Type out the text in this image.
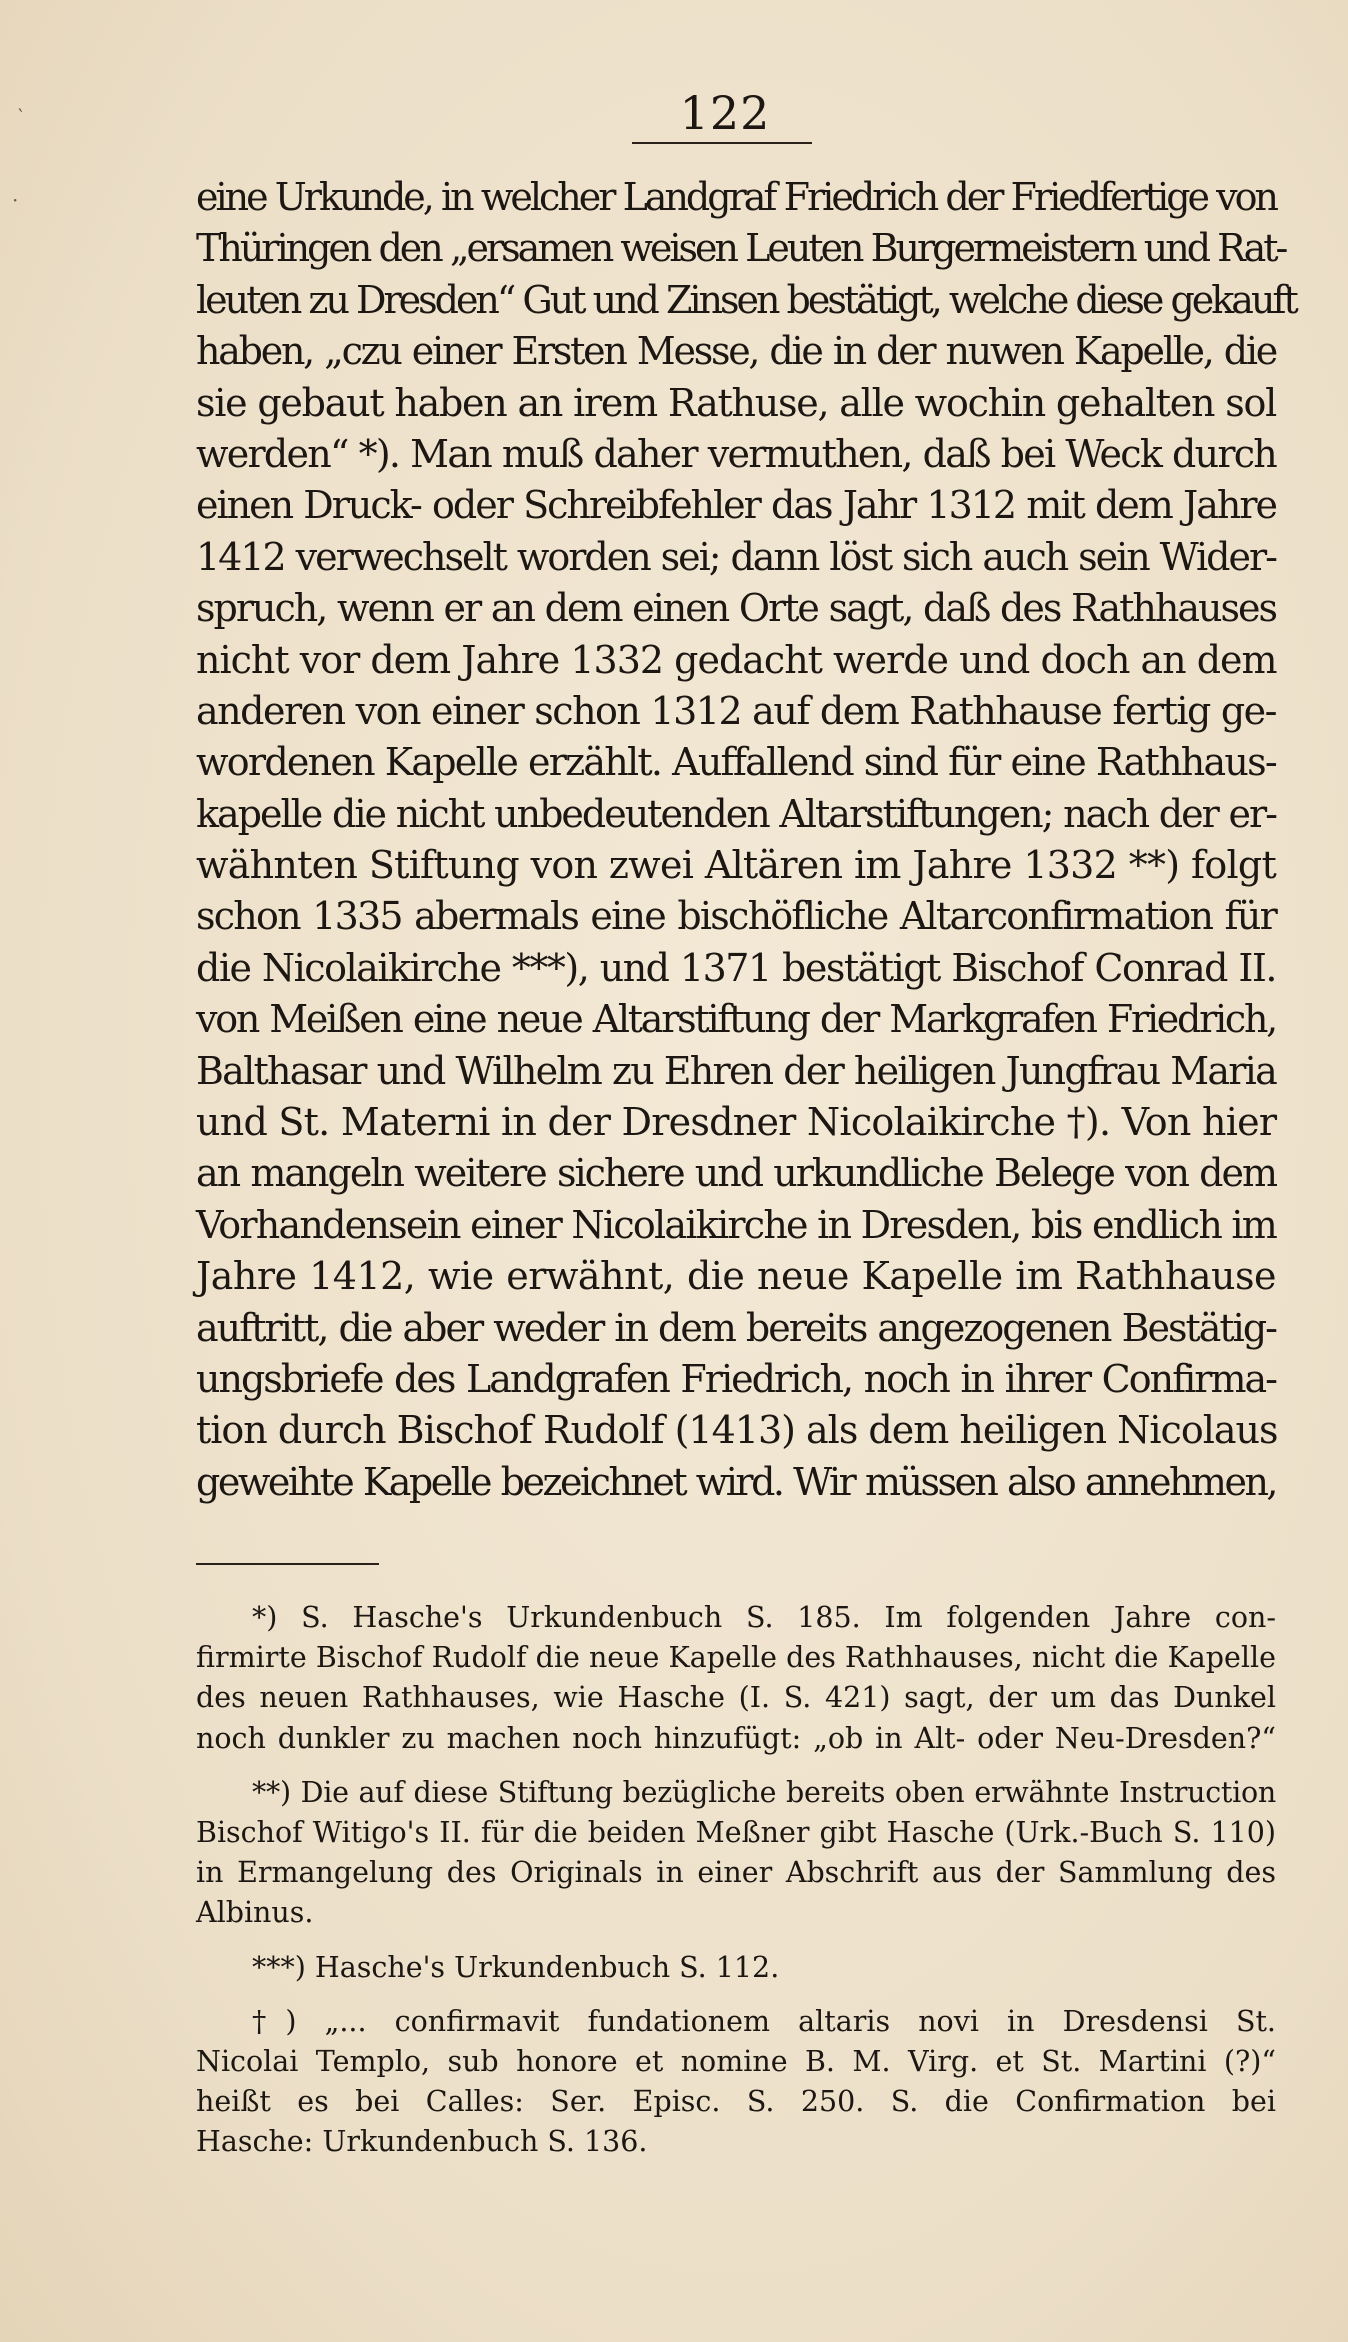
‵
·
122
eine Urkunde, in welcher Landgraf Friedrich der Friedfertige von
Thüringen den „ersamen weisen Leuten Burgermeistern und Rat-
leuten zu Dresden“ Gut und Zinsen bestätigt, welche diese gekauft
haben, „czu einer Ersten Messe, die in der nuwen Kapelle, die
sie gebaut haben an irem Rathuse, alle wochin gehalten sol
werden“ *). Man muß daher vermuthen, daß bei Weck durch
einen Druck- oder Schreibfehler das Jahr 1312 mit dem Jahre
1412 verwechselt worden sei; dann löst sich auch sein Wider-
spruch, wenn er an dem einen Orte sagt, daß des Rathhauses
nicht vor dem Jahre 1332 gedacht werde und doch an dem
anderen von einer schon 1312 auf dem Rathhause fertig ge-
wordenen Kapelle erzählt. Auffallend sind für eine Rathhaus-
kapelle die nicht unbedeutenden Altarstiftungen; nach der er-
wähnten Stiftung von zwei Altären im Jahre 1332 **) folgt
schon 1335 abermals eine bischöfliche Altarconfirmation für
die Nicolaikirche ***), und 1371 bestätigt Bischof Conrad II.
von Meißen eine neue Altarstiftung der Markgrafen Friedrich,
Balthasar und Wilhelm zu Ehren der heiligen Jungfrau Maria
und St. Materni in der Dresdner Nicolaikirche †). Von hier
an mangeln weitere sichere und urkundliche Belege von dem
Vorhandensein einer Nicolaikirche in Dresden, bis endlich im
Jahre 1412, wie erwähnt, die neue Kapelle im Rathhause
auftritt, die aber weder in dem bereits angezogenen Bestätig-
ungsbriefe des Landgrafen Friedrich, noch in ihrer Confirma-
tion durch Bischof Rudolf (1413) als dem heiligen Nicolaus
geweihte Kapelle bezeichnet wird. Wir müssen also annehmen,
*) S. Hasche's Urkundenbuch S. 185. Im folgenden Jahre con-
firmirte Bischof Rudolf die neue Kapelle des Rathhauses, nicht die Kapelle
des neuen Rathhauses, wie Hasche (I. S. 421) sagt, der um das Dunkel
noch dunkler zu machen noch hinzufügt: „ob in Alt- oder Neu-Dresden?“
**) Die auf diese Stiftung bezügliche bereits oben erwähnte Instruction
Bischof Witigo's II. für die beiden Meßner gibt Hasche (Urk.-Buch S. 110)
in Ermangelung des Originals in einer Abschrift aus der Sammlung des
Albinus.
***) Hasche's Urkundenbuch S. 112.
†) „... confirmavit fundationem altaris novi in Dresdensi St.
Nicolai Templo, sub honore et nomine B. M. Virg. et St. Martini (?)“
heißt es bei Calles: Ser. Episc. S. 250. S. die Confirmation bei
Hasche: Urkundenbuch S. 136.
